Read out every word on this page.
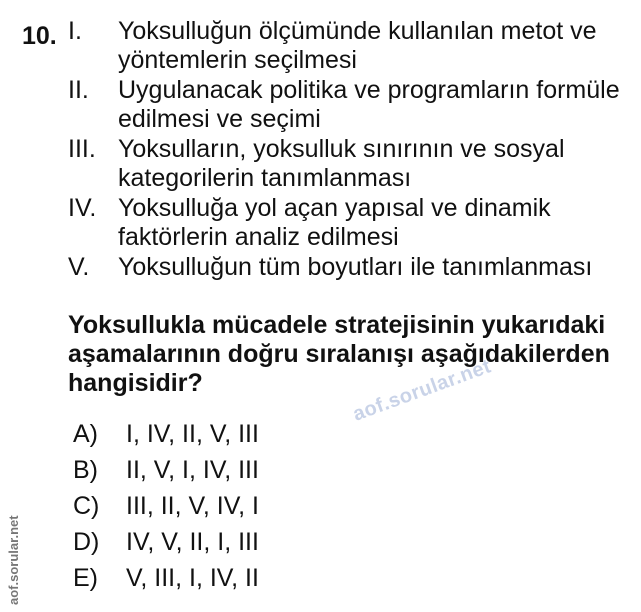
10. I. Yoksulluğun ölçümünde kullanılan metot ve yöntemlerin seçilmesi
II. Uygulanacak politika ve programların formüle edilmesi ve seçimi
III. Yoksulların, yoksulluk sınırının ve sosyal kategorilerin tanımlanması
IV. Yoksulluğa yol açan yapısal ve dinamik faktörlerin analiz edilmesi
V. Yoksulluğun tüm boyutları ile tanımlanması
Yoksullukla mücadele stratejisinin yukarıdaki aşamalarının doğru sıralanışı aşağıdakilerden hangisidir?
A) I, IV, II, V, III
B) II, V, I, IV, III
C) III, II, V, IV, I
D) IV, V, II, I, III
E) V, III, I, IV, II
aof.sorular.net
aof.sorular.net
